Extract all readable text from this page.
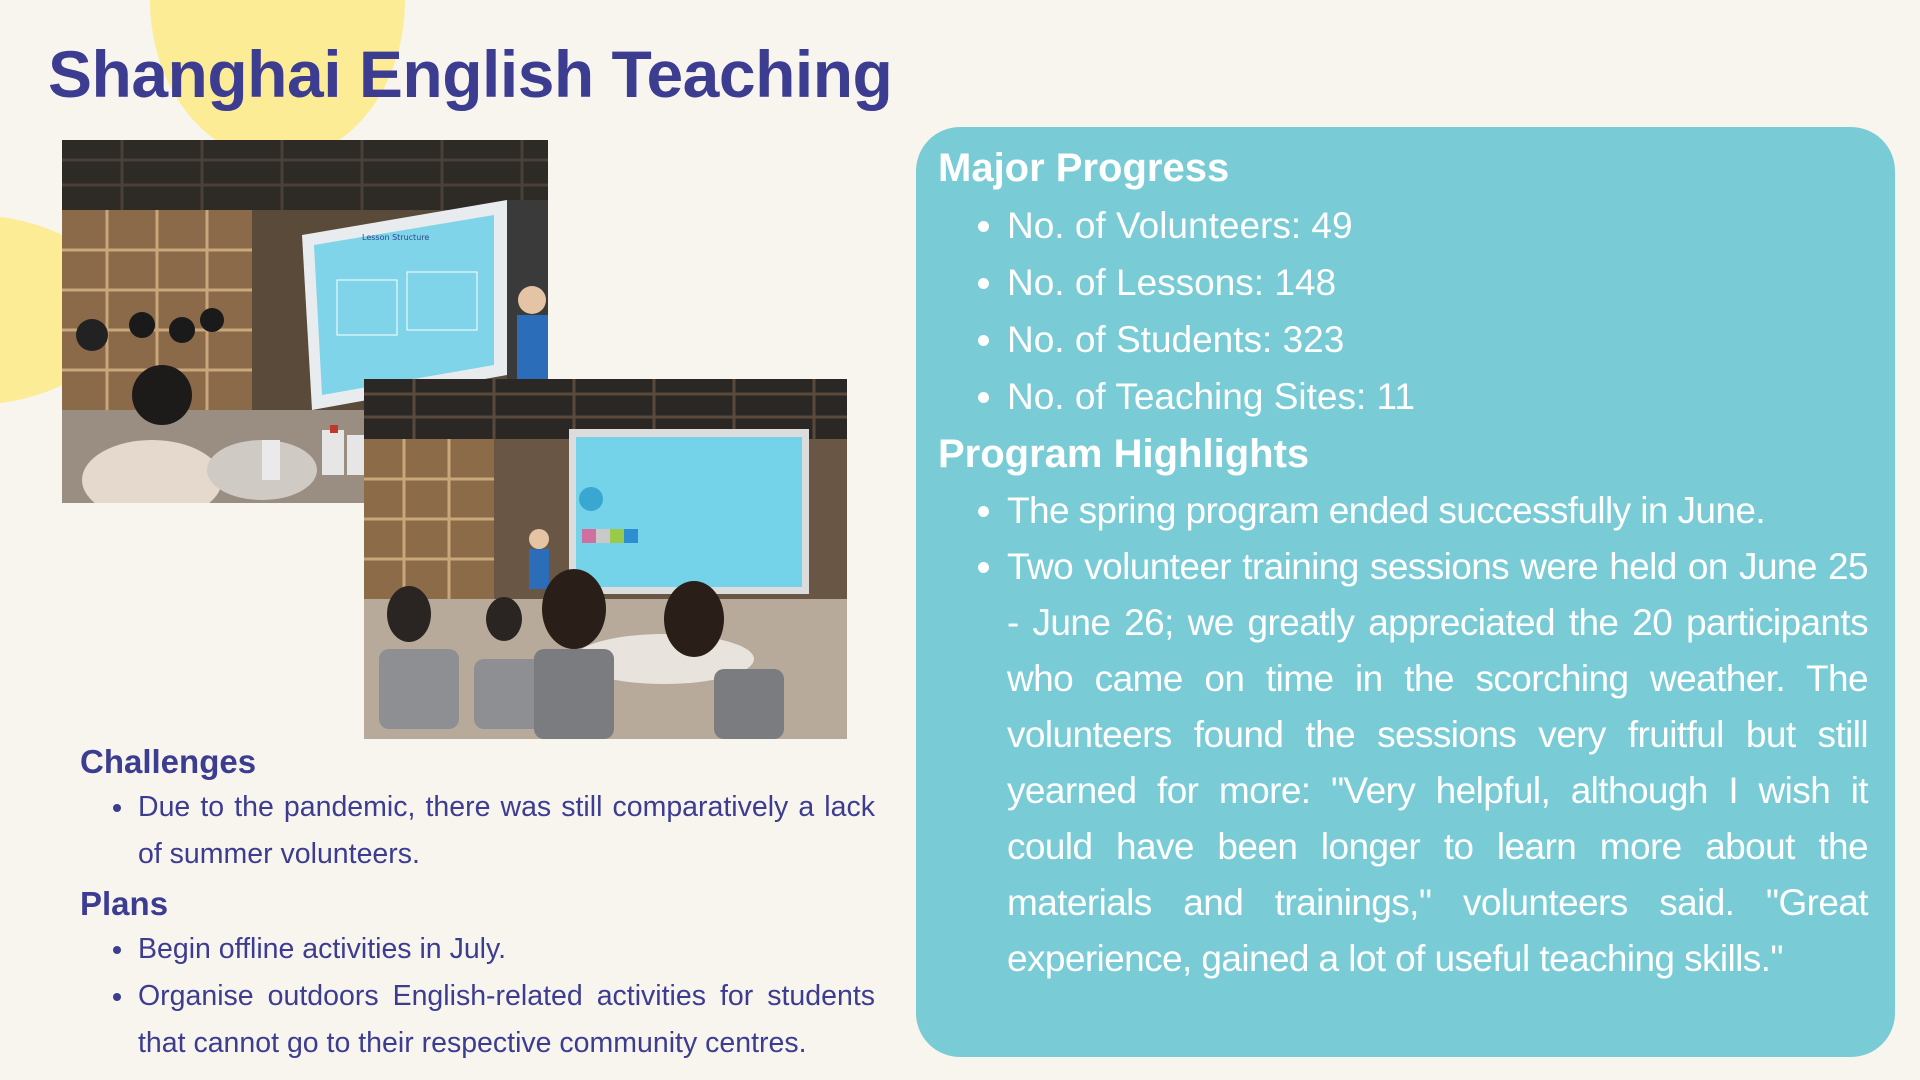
Shanghai English Teaching
Lesson Structure
Challenges
• Due to the pandemic, there was still comparatively a lack of summer volunteers.
Plans
• Begin offline activities in July.
• Organise outdoors English-related activities for students that cannot go to their respective community centres.
Major Progress
• No. of Volunteers: 49
• No. of Lessons: 148
• No. of Students: 323
• No. of Teaching Sites: 11
Program Highlights
• The spring program ended successfully in June.
• Two volunteer training sessions were held on June 25 - June 26; we greatly appreciated the 20 participants who came on time in the scorching weather. The volunteers found the sessions very fruitful but still yearned for more: "Very helpful, although I wish it could have been longer to learn more about the materials and trainings," volunteers said. "Great experience, gained a lot of useful teaching skills."
